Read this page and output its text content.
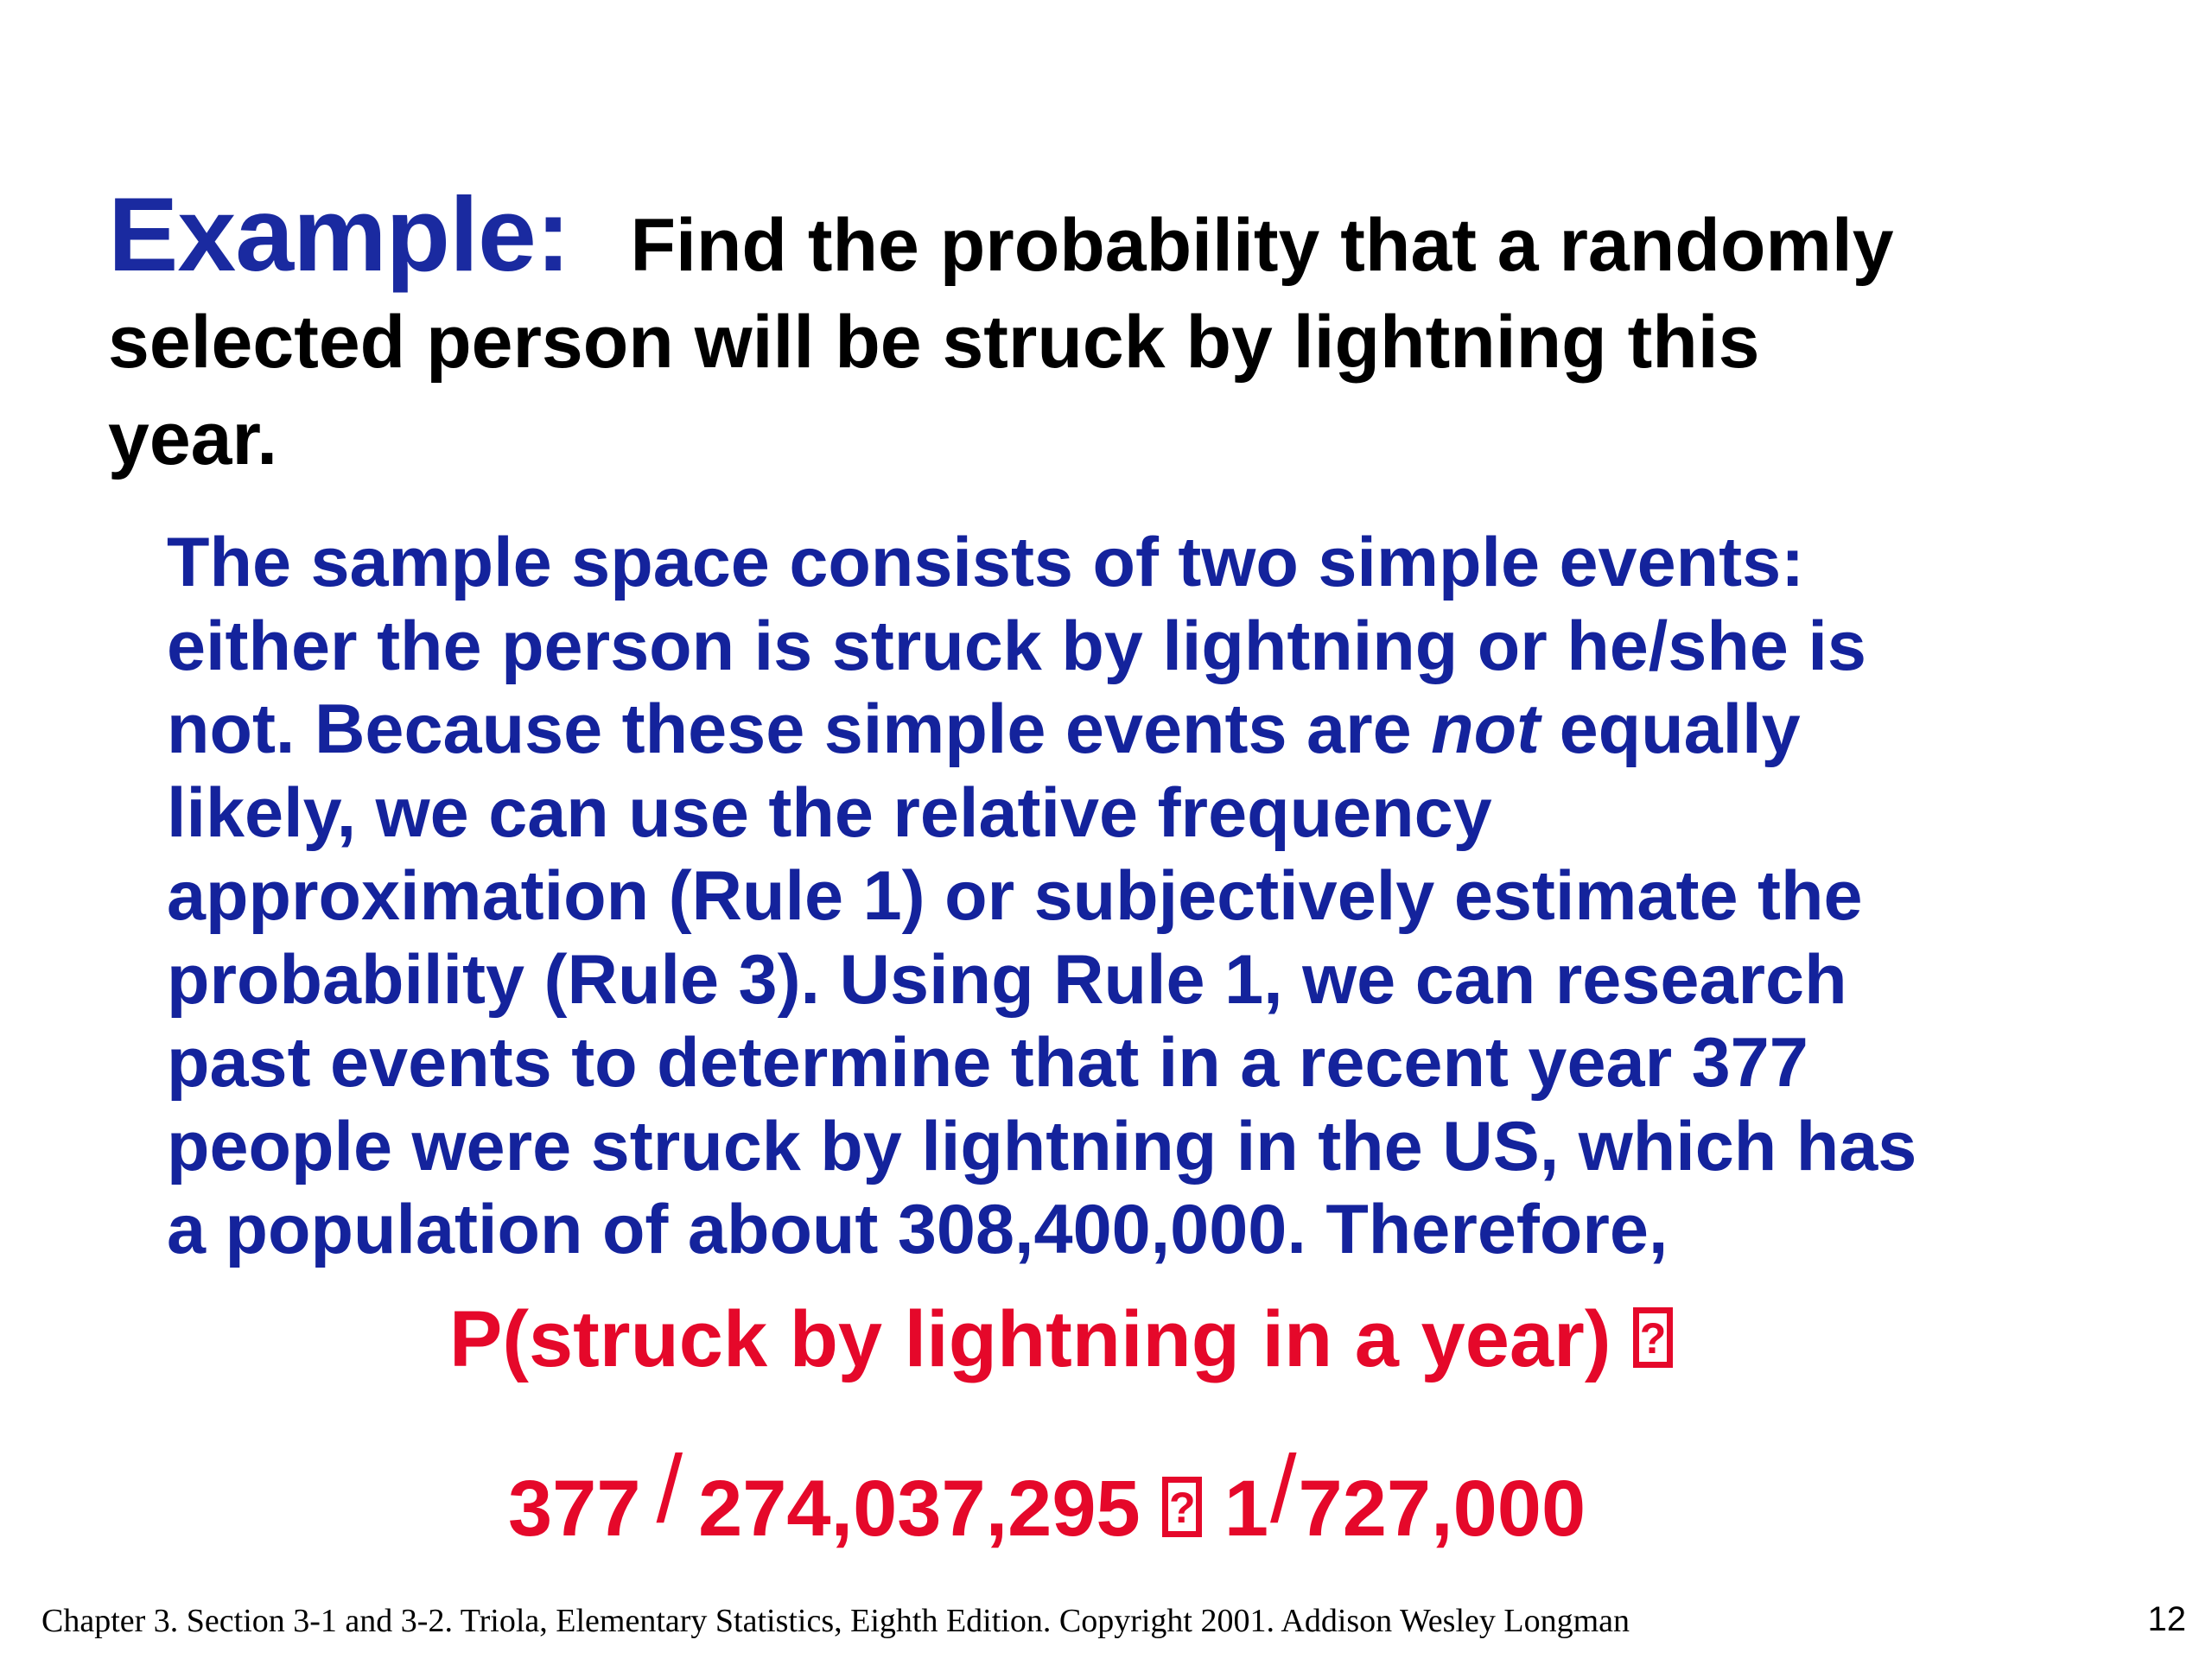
Example: Find the probability that a randomly
selected person will be struck by lightning this
year.
The sample space consists of two simple events:
either the person is struck by lightning or he/she is
not. Because these simple events are not equally
likely, we can use the relative frequency
approximation (Rule 1) or subjectively estimate the
probability (Rule 3). Using Rule 1, we can research
past events to determine that in a recent year 377
people were struck by lightning in the US, which has
a population of about 308,400,000. Therefore,
P(struck by lightning in a year) ?
377 / 274,037,295 ? 1/727,000
Chapter 3. Section 3-1 and 3-2. Triola, Elementary Statistics, Eighth Edition. Copyright 2001. Addison Wesley Longman	12
